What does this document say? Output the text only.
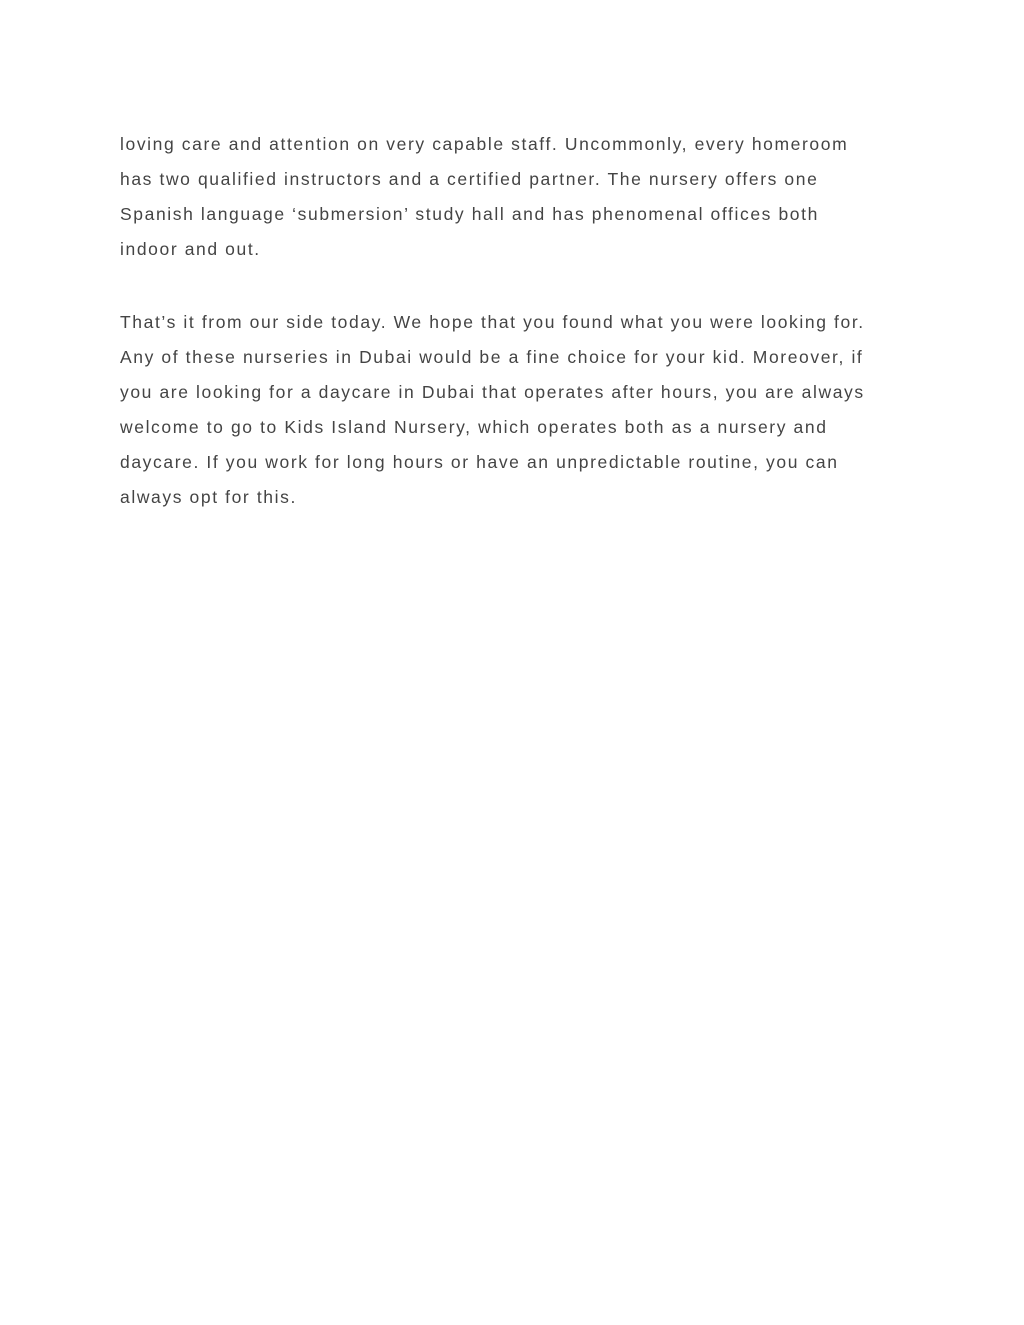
loving care and attention on very capable staff. Uncommonly, every homeroom
has two qualified instructors and a certified partner. The nursery offers one
Spanish language ‘submersion’ study hall and has phenomenal offices both
indoor and out.

That’s it from our side today. We hope that you found what you were looking for.
Any of these nurseries in Dubai would be a fine choice for your kid. Moreover, if
you are looking for a daycare in Dubai that operates after hours, you are always
welcome to go to Kids Island Nursery, which operates both as a nursery and
daycare. If you work for long hours or have an unpredictable routine, you can
always opt for this.
